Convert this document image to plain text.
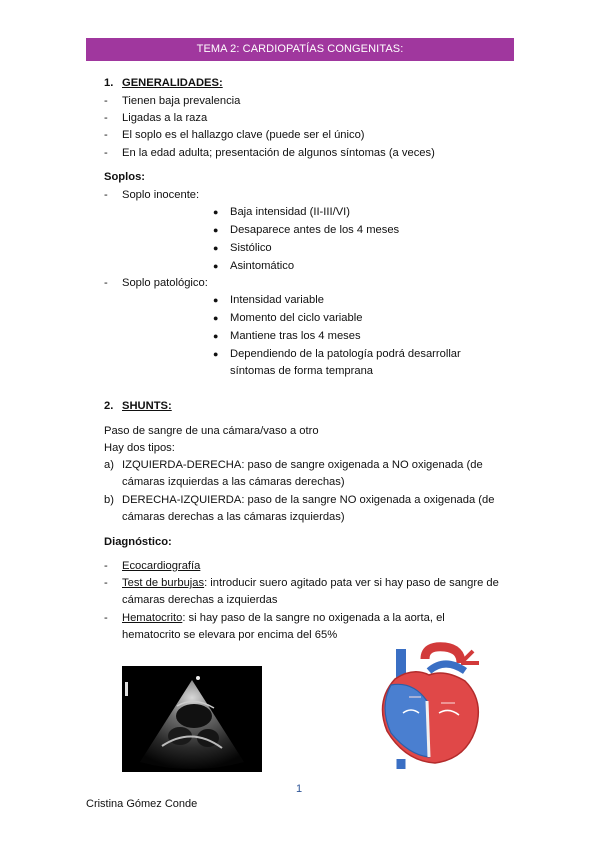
TEMA 2: CARDIOPATÍAS CONGENITAS:
1. GENERALIDADES:
- Tienen baja prevalencia
- Ligadas a la raza
- El soplo es el hallazgo clave (puede ser el único)
- En la edad adulta; presentación de algunos síntomas (a veces)
Soplos:
- Soplo inocente:
● Baja intensidad (II-III/VI)
● Desaparece antes de los 4 meses
● Sistólico
● Asintomático
- Soplo patológico:
● Intensidad variable
● Momento del ciclo variable
● Mantiene tras los 4 meses
● Dependiendo de la patología podrá desarrollar
síntomas de forma temprana
2. SHUNTS:
Paso de sangre de una cámara/vaso a otro
Hay dos tipos:
a) IZQUIERDA-DERECHA: paso de sangre oxigenada a NO oxigenada (de
cámaras izquierdas a las cámaras derechas)
b) DERECHA-IZQUIERDA: paso de la sangre NO oxigenada a oxigenada (de
cámaras derechas a las cámaras izquierdas)
Diagnóstico:
- Ecocardiografía
- Test de burbujas: introducir suero agitado pata ver si hay paso de sangre de
cámaras derechas a izquierdas
- Hematocrito: si hay paso de la sangre no oxigenada a la aorta, el
hematocrito se elevara por encima del 65%
1
Cristina Gómez Conde
